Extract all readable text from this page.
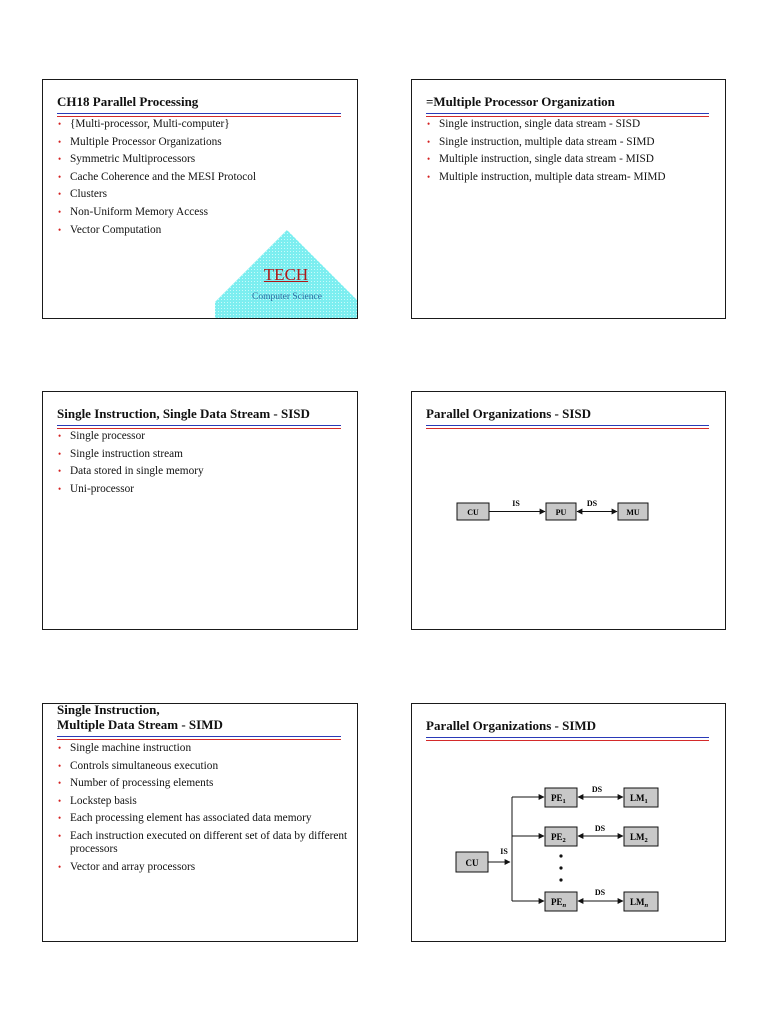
CH18 Parallel Processing
• {Multi-processor, Multi-computer}
• Multiple Processor Organizations
• Symmetric Multiprocessors
• Cache Coherence and the MESI Protocol
• Clusters
• Non-Uniform Memory Access
• Vector Computation
TECH
Computer Science
=Multiple Processor Organization
• Single instruction, single data stream - SISD
• Single instruction, multiple data stream - SIMD
• Multiple instruction, single data stream - MISD
• Multiple instruction, multiple data stream- MIMD
Single Instruction, Single Data Stream - SISD
• Single processor
• Single instruction stream
• Data stored in single memory
• Uni-processor
Parallel Organizations - SISD
CU	PU	MU
IS	DS
Single Instruction,
Multiple Data Stream - SIMD
• Single machine instruction
• Controls simultaneous execution
• Number of processing elements
• Lockstep basis
• Each processing element has associated data memory
• Each instruction executed on different set of data by different processors
• Vector and array processors
Parallel Organizations - SIMD
CU
IS
$PE_1$
$PE_2$
$PE_n$
DS
DS
DS
$LM_1$
$LM_2$
$LM_n$
